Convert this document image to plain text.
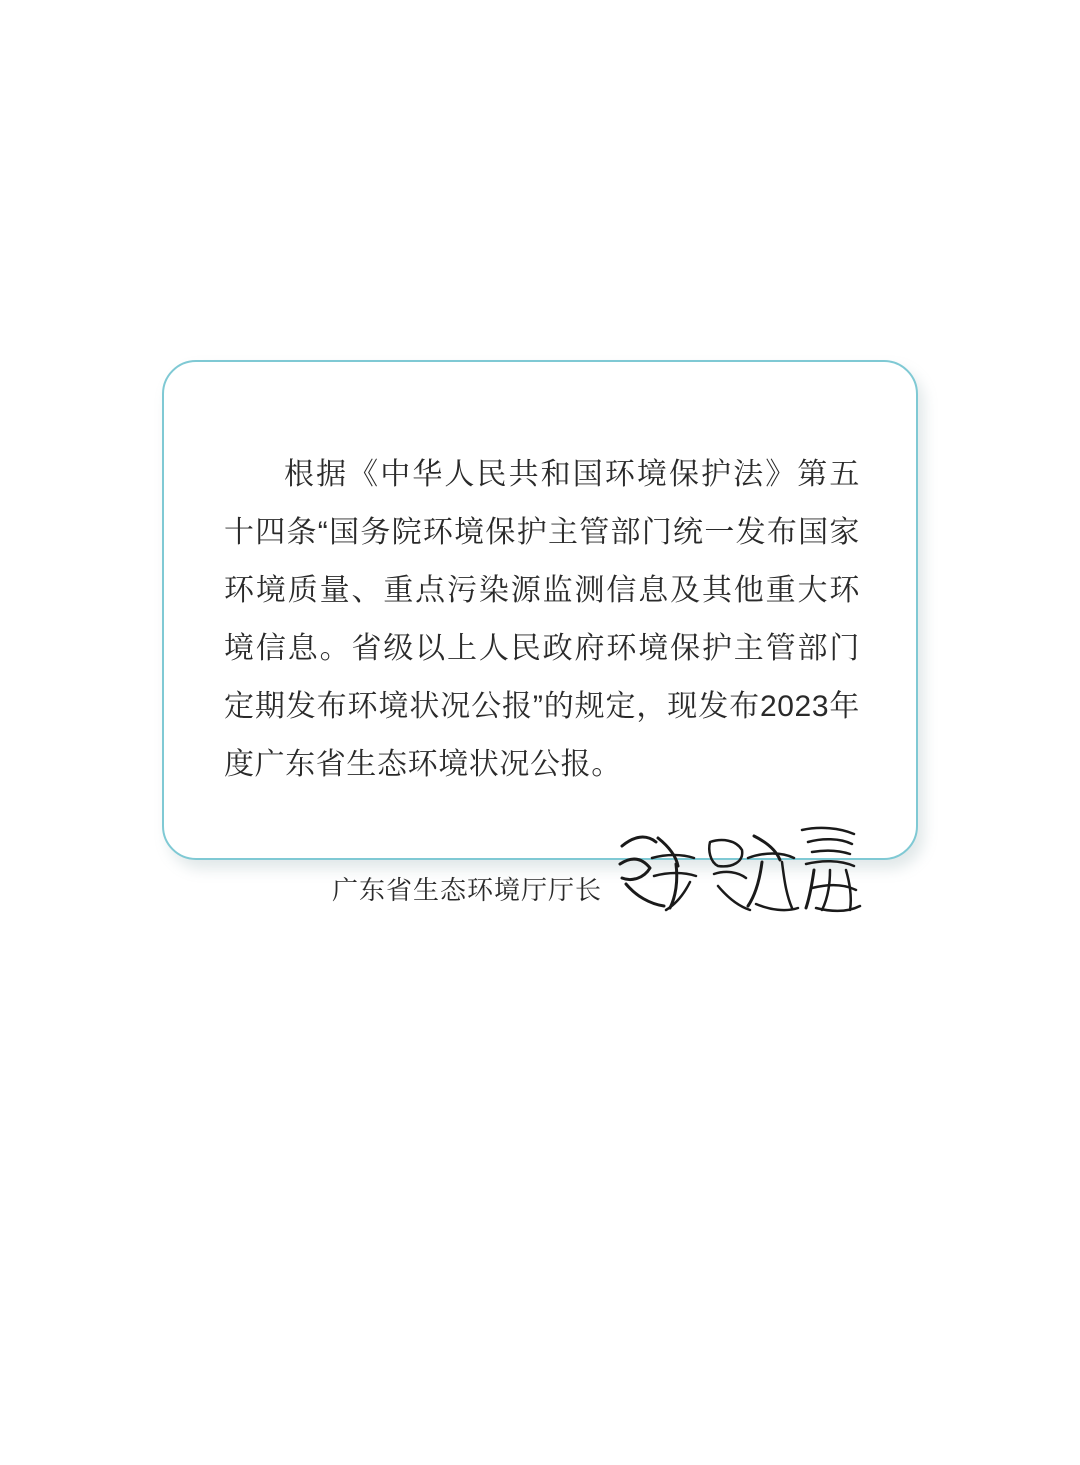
根据《中华人民共和国环境保护法》第五十四条“国务院环境保护主管部门统一发布国家环境质量、重点污染源监测信息及其他重大环境信息。省级以上人民政府环境保护主管部门定期发布环境状况公报”的规定，现发布2023年度广东省生态环境状况公报。

广东省生态环境厅厅长
